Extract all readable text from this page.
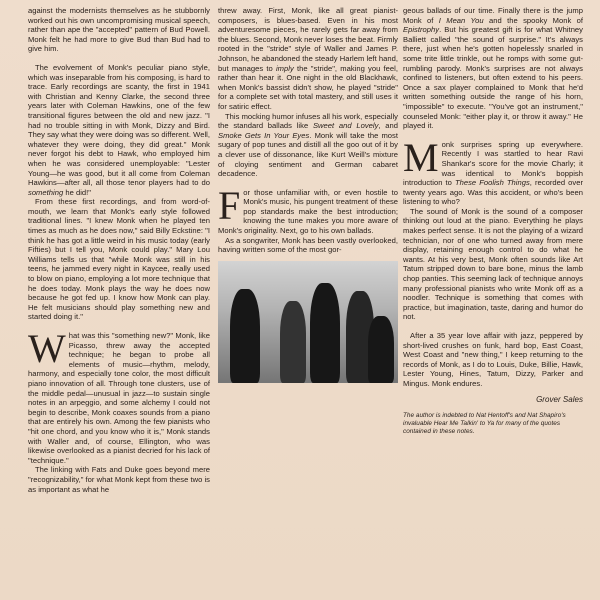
against the modernists themselves as he stubbornly worked out his own uncompromising musical speech, rather than ape the "accepted" pattern of Bud Powell. Monk felt he had more to give Bud than Bud had to give him.

The evolvement of Monk's peculiar piano style, which was inseparable from his composing, is hard to trace. Early recordings are scanty, the first in 1941 with Christian and Kenny Clarke, the second three years later with Coleman Hawkins, one of the few transitional figures between the old and new jazz. "I had no trouble sitting in with Monk, Dizzy and Bird. They say what they were doing was so different. Well, whatever they were doing, they did great." Monk never forgot his debt to Hawk, who employed him when he was considered unemployable: "Lester Young—he was good, but it all come from Coleman Hawkins—after all, all those tenor players had to do something he did!"

From these first recordings, and from word-of-mouth, we learn that Monk's early style followed traditional lines. "I knew Monk when he played ten times as much as he does now," said Billy Eckstine: "I think he has got a little weird in his music today (early Fifties) but I tell you, Monk could play." Mary Lou Williams tells us that "while Monk was still in his teens, he jammed every night in Kaycee, really used to blow on piano, employing a lot more technique that he does today. Monk plays the way he does now because he got fed up. I know how Monk can play. He felt musicians should play something new and started doing it."

What was this "something new?" Monk, like Picasso, threw away the accepted technique; he began to probe all elements of music—rhythm, melody, harmony, and especially tone color, the most difficult piano innovation of all. Through tone clusters, use of the middle pedal—unusual in jazz—to sustain single notes in an arpeggio, and some alchemy I could not begin to describe, Monk coaxes sounds from a piano that are entirely his own. Among the few pianists who "hit one chord, and you know who it is," Monk stands with Waller and, of course, Ellington, who was likewise overlooked as a pianist decried for his lack of "technique."

The linking with Fats and Duke goes beyond mere "recognizability," for what Monk kept from these two is as important as what he

threw away. First, Monk, like all great pianist-composers, is blues-based. Even in his most adventuresome pieces, he rarely gets far away from the blues. Second, Monk never loses the beat. Firmly rooted in the "stride" style of Waller and James P. Johnson, he abandoned the steady Harlem left hand, but manages to imply the "stride", making you feel, rather than hear it. One night in the old Blackhawk, when Monk's bassist didn't show, he played "stride" for a complete set with total mastery, and still uses it for satiric effect.

This mocking humor infuses all his work, especially the standard ballads like Sweet and Lovely, and Smoke Gets In Your Eyes. Monk will take the most sugary of pop tunes and distill all the goo out of it by a clever use of dissonance, like Kurt Weill's mixture of cloying sentiment and German cabaret decadence.

For those unfamiliar with, or even hostile to Monk's music, his pungent treatment of these pop standards make the best introduction; knowing the tune makes you more aware of Monk's originality. Next, go to his own ballads.

As a songwriter, Monk has been vastly overlooked, having written some of the most gor-

geous ballads of our time. Finally there is the jump Monk of I Mean You and the spooky Monk of Epistrophy. But his greatest gift is for what Whitney Balliett called "the sound of surprise." It's always there, just when he's gotten hopelessly snarled in some trite little trinkle, out he romps with some gut-rumbling parody. Monk's surprises are not always confined to listeners, but often extend to his peers. Once a sax player complained to Monk that he'd written something outside the range of his horn, "impossible" to execute. "You've got an instrument," counseled Monk: "either play it, or throw it away." He played it.

Monk surprises spring up everywhere. Recently I was startled to hear Ravi Shankar's score for the movie Charly; it was identical to Monk's boppish introduction to These Foolish Things, recorded over twenty years ago. Was this accident, or who's been listening to who?

The sound of Monk is the sound of a composer thinking out loud at the piano. Everything he plays makes perfect sense. It is not the playing of a wizard technician, nor of one who turned away from mere display, retaining enough control to do what he wants. At his very best, Monk often sounds like Art Tatum stripped down to bare bone, minus the lamb chop panties. This seeming lack of technique annoys many professional pianists who write Monk off as a noodler. Technique is something that comes with practice, but imagination, taste, daring and humor do not.

After a 35 year love affair with jazz, peppered by short-lived crushes on funk, hard bop, East Coast, West Coast and "new thing," I keep returning to the records of Monk, as I do to Louis, Duke, Billie, Hawk, Lester Young, Hines, Tatum, Dizzy, Parker and Mingus. Monk endures.

Grover Sales
The author is indebted to Nat Hentoff's and Nat Shapiro's invaluable Hear Me Talkin' to Ya for many of the quotes contained in these notes.
